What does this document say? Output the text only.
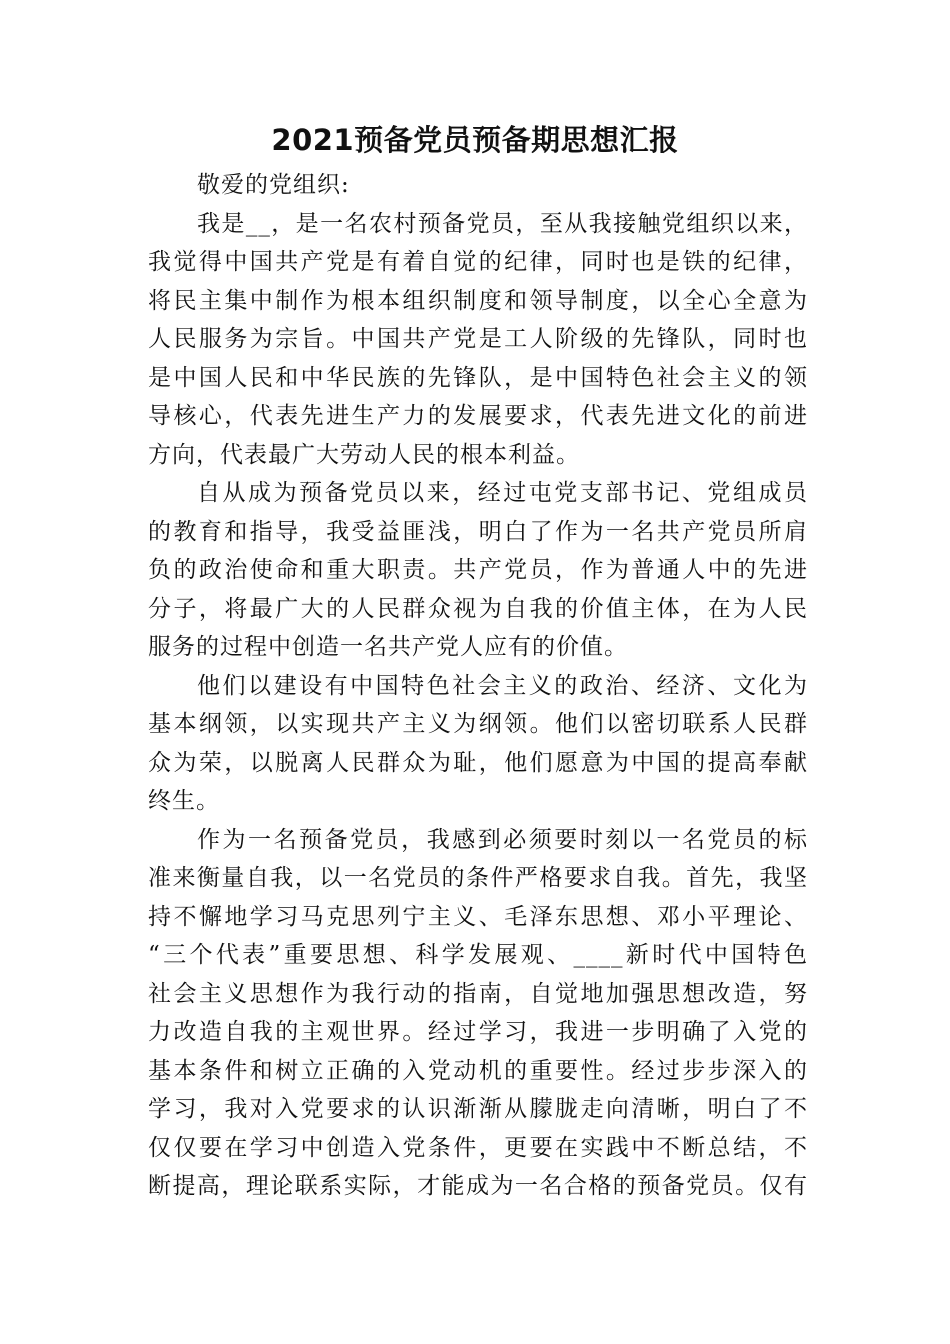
2021预备党员预备期思想汇报
敬爱的党组织:
我是__，是一名农村预备党员，至从我接触党组织以来，
我觉得中国共产党是有着自觉的纪律，同时也是铁的纪律，
将民主集中制作为根本组织制度和领导制度，以全心全意为
人民服务为宗旨。中国共产党是工人阶级的先锋队，同时也
是中国人民和中华民族的先锋队，是中国特色社会主义的领
导核心，代表先进生产力的发展要求，代表先进文化的前进
方向，代表最广大劳动人民的根本利益。
自从成为预备党员以来，经过屯党支部书记、党组成员
的教育和指导，我受益匪浅，明白了作为一名共产党员所肩
负的政治使命和重大职责。共产党员，作为普通人中的先进
分子，将最广大的人民群众视为自我的价值主体，在为人民
服务的过程中创造一名共产党人应有的价值。
他们以建设有中国特色社会主义的政治、经济、文化为
基本纲领，以实现共产主义为纲领。他们以密切联系人民群
众为荣，以脱离人民群众为耻，他们愿意为中国的提高奉献
终生。
作为一名预备党员，我感到必须要时刻以一名党员的标
准来衡量自我，以一名党员的条件严格要求自我。首先，我坚
持不懈地学习马克思列宁主义、毛泽东思想、邓小平理论、
“三个代表”重要思想、科学发展观、____新时代中国特色
社会主义思想作为我行动的指南，自觉地加强思想改造，努
力改造自我的主观世界。经过学习，我进一步明确了入党的
基本条件和树立正确的入党动机的重要性。经过步步深入的
学习，我对入党要求的认识渐渐从朦胧走向清晰，明白了不
仅仅要在学习中创造入党条件，更要在实践中不断总结，不
断提高，理论联系实际，才能成为一名合格的预备党员。仅有
